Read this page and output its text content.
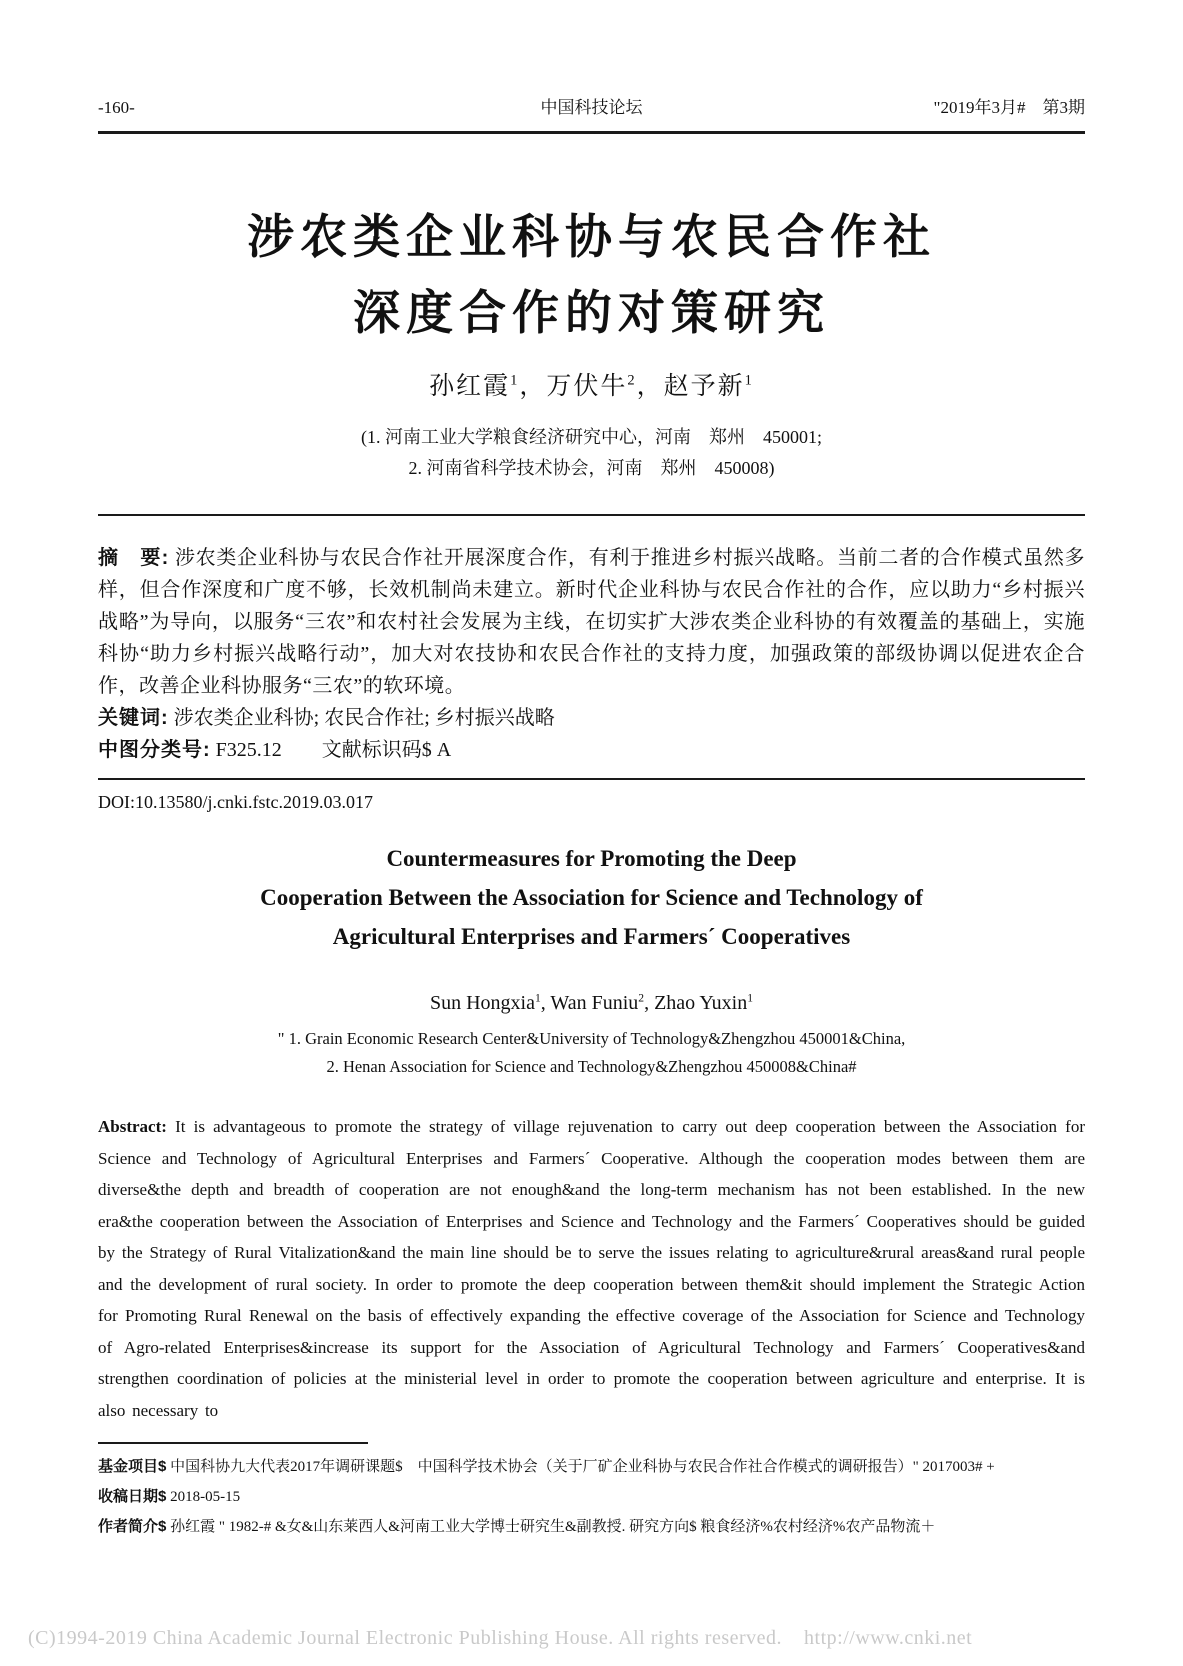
-160-	中国科技论坛	"2019年3月#　第3期
涉农类企业科协与农民合作社
深度合作的对策研究
孙红霞$^1$，万伏牛$^2$，赵予新$^1$
(1. 河南工业大学粮食经济研究中心，河南　郑州　450001;
2. 河南省科学技术协会，河南　郑州　450008)
摘　要: 涉农类企业科协与农民合作社开展深度合作，有利于推进乡村振兴战略。当前二者的合作模式虽然多样，但合作深度和广度不够，长效机制尚未建立。新时代企业科协与农民合作社的合作，应以助力“乡村振兴战略”为导向，以服务“三农”和农村社会发展为主线，在切实扩大涉农类企业科协的有效覆盖的基础上，实施科协“助力乡村振兴战略行动”，加大对农技协和农民合作社的支持力度，加强政策的部级协调以促进农企合作，改善企业科协服务“三农”的软环境。
关键词: 涉农类企业科协; 农民合作社; 乡村振兴战略
中图分类号: F325.12 文献标识码$ A
DOI:10.13580/j.cnki.fstc.2019.03.017
Countermeasures for Promoting the Deep
Cooperation Between the Association for Science and Technology of
Agricultural Enterprises and Farmers´ Cooperatives
Sun Hongxia$^1$, Wan Funiu$^2$, Zhao Yuxin$^1$
" 1. Grain Economic Research Center&University of Technology&Zhengzhou 450001&China,
2. Henan Association for Science and Technology&Zhengzhou 450008&China#
Abstract: It is advantageous to promote the strategy of village rejuvenation to carry out deep cooperation between the Association for Science and Technology of Agricultural Enterprises and Farmers´ Cooperative. Although the cooperation modes between them are diverse&the depth and breadth of cooperation are not enough&and the long-term mechanism has not been established. In the new era&the cooperation between the Association of Enterprises and Science and Technology and the Farmers´ Cooperatives should be guided by the Strategy of Rural Vitalization&and the main line should be to serve the issues relating to agriculture&rural areas&and rural people and the development of rural society. In order to promote the deep cooperation between them&it should implement the Strategic Action for Promoting Rural Renewal on the basis of effectively expanding the effective coverage of the Association for Science and Technology of Agro-related Enterprises&increase its support for the Association of Agricultural Technology and Farmers´ Cooperatives&and strengthen coordination of policies at the ministerial level in order to promote the cooperation between agriculture and enterprise. It is also necessary to
基金项目$ 中国科协九大代表2017年调研课题$　中国科学技术协会（关于厂矿企业科协与农民合作社合作模式的调研报告）" 2017003# +
收稿日期$ 2018-05-15
作者简介$ 孙红霞 " 1982-# &女&山东莱西人&河南工业大学博士研究生&副教授. 研究方向$ 粮食经济%农村经济%农产品物流＋
(C)1994-2019 China Academic Journal Electronic Publishing House. All rights reserved.    http://www.cnki.net
